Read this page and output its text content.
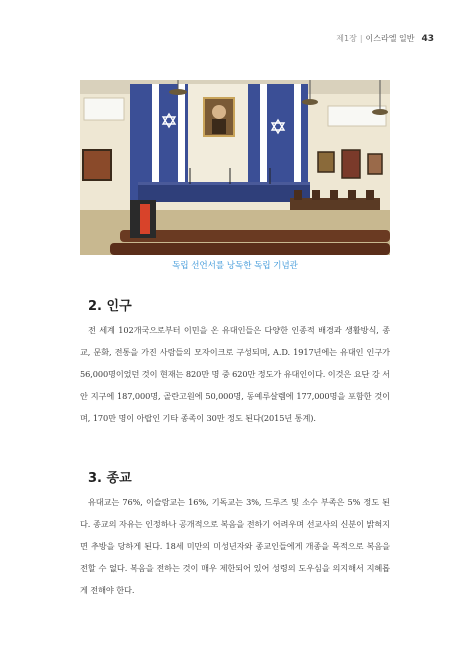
제1장 | 이스라엘 일반 43
독립 선언서를 낭독한 독립 기념관
2. 인구

전 세계 102개국으로부터 이민을 온 유대인들은 다양한 인종적 배경과 생활방식, 종교, 문화, 전통을 가진 사람들의 모자이크로 구성되며, A.D. 1917년에는 유대인 인구가 56,000명이었던 것이 현재는 820만 명 중 620만 정도가 유대인이다. 이것은 요단 강 서안 지구에 187,000명, 골란고원에 50,000명, 동예루살렘에 177,000명을 포함한 것이며, 170만 명이 아랍인 기타 종족이 30만 정도 된다(2015년 통계).

3. 종교

유대교는 76%, 이슬람교는 16%, 기독교는 3%, 드루즈 및 소수 부족은 5% 정도 된다. 종교의 자유는 인정하나 공개적으로 복음을 전하기 어려우며 선교사의 신분이 밝혀지면 추방을 당하게 된다. 18세 미만의 미성년자와 종교인들에게 개종을 목적으로 복음을 전할 수 없다. 복음을 전하는 것이 매우 제한되어 있어 성령의 도우심을 의지해서 지혜롭게 전해야 한다.
